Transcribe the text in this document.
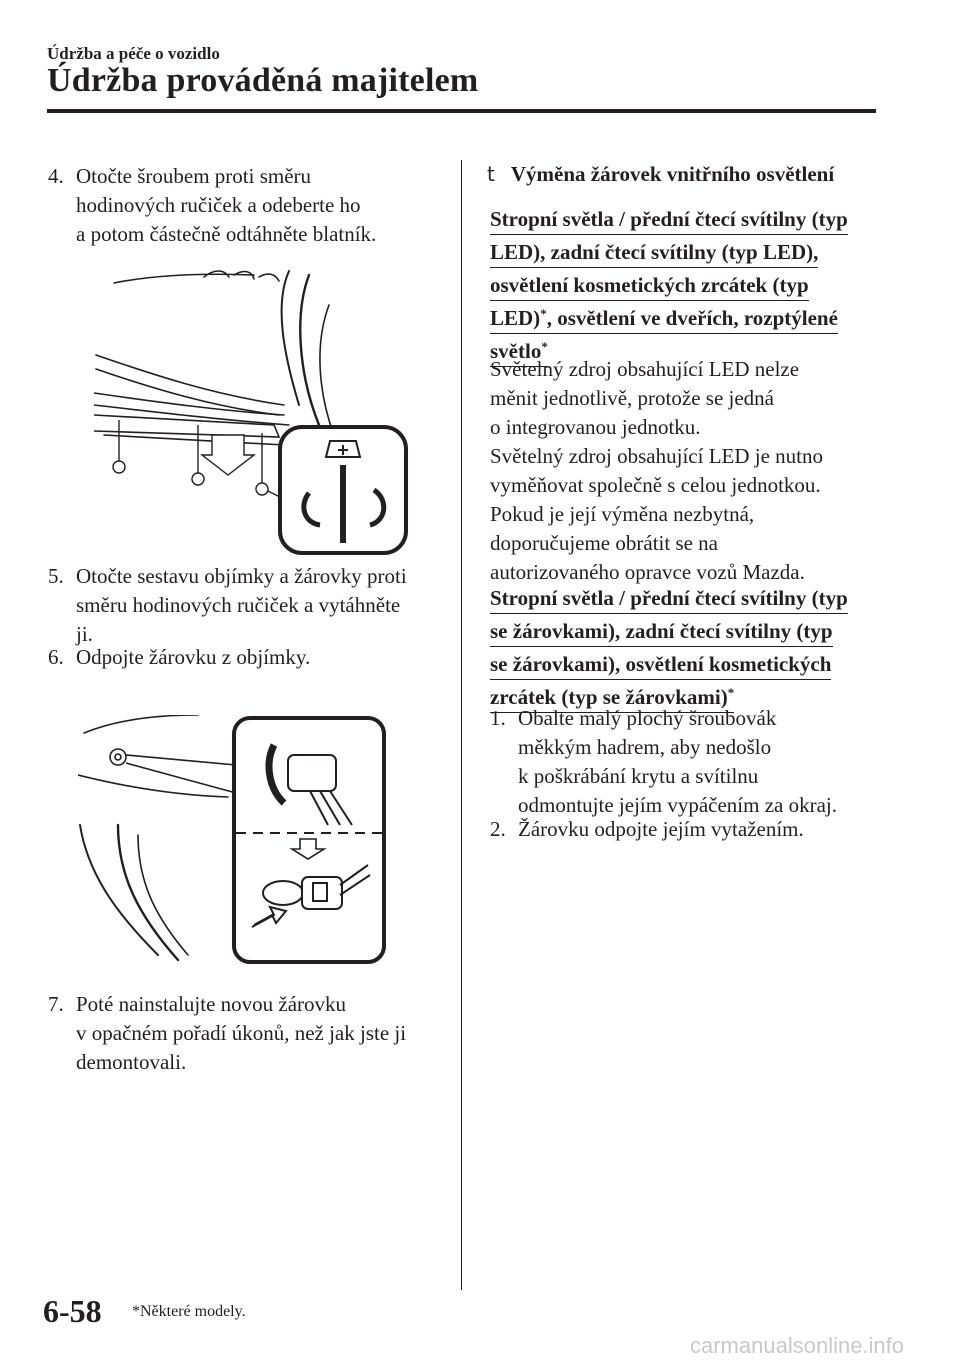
Údržba a péče o vozidlo
Údržba prováděná majitelem
4. Otočte šroubem proti směru
hodinových ručiček a odeberte ho
a potom částečně odtáhněte blatník.
5. Otočte sestavu objímky a žárovky proti
směru hodinových ručiček a vytáhněte
ji.
6. Odpojte žárovku z objímky.
7. Poté nainstalujte novou žárovku
v opačném pořadí úkonů, než jak jste ji
demontovali.
t Výměna žárovek vnitřního osvětlení
Stropní světla / přední čtecí svítilny (typ
LED), zadní čtecí svítilny (typ LED),
osvětlení kosmetických zrcátek (typ
LED)*, osvětlení ve dveřích, rozptýlené
světlo*
Světelný zdroj obsahující LED nelze
měnit jednotlivě, protože se jedná
o integrovanou jednotku.
Světelný zdroj obsahující LED je nutno
vyměňovat společně s celou jednotkou.
Pokud je její výměna nezbytná,
doporučujeme obrátit se na
autorizovaného opravce vozů Mazda.
Stropní světla / přední čtecí svítilny (typ
se žárovkami), zadní čtecí svítilny (typ
se žárovkami), osvětlení kosmetických
zrcátek (typ se žárovkami)*
1. Obalte malý plochý šroubovák
měkkým hadrem, aby nedošlo
k poškrábání krytu a svítilnu
odmontujte jejím vypáčením za okraj.
2. Žárovku odpojte jejím vytažením.
6-58 *Některé modely.
carmanualsonline.info
